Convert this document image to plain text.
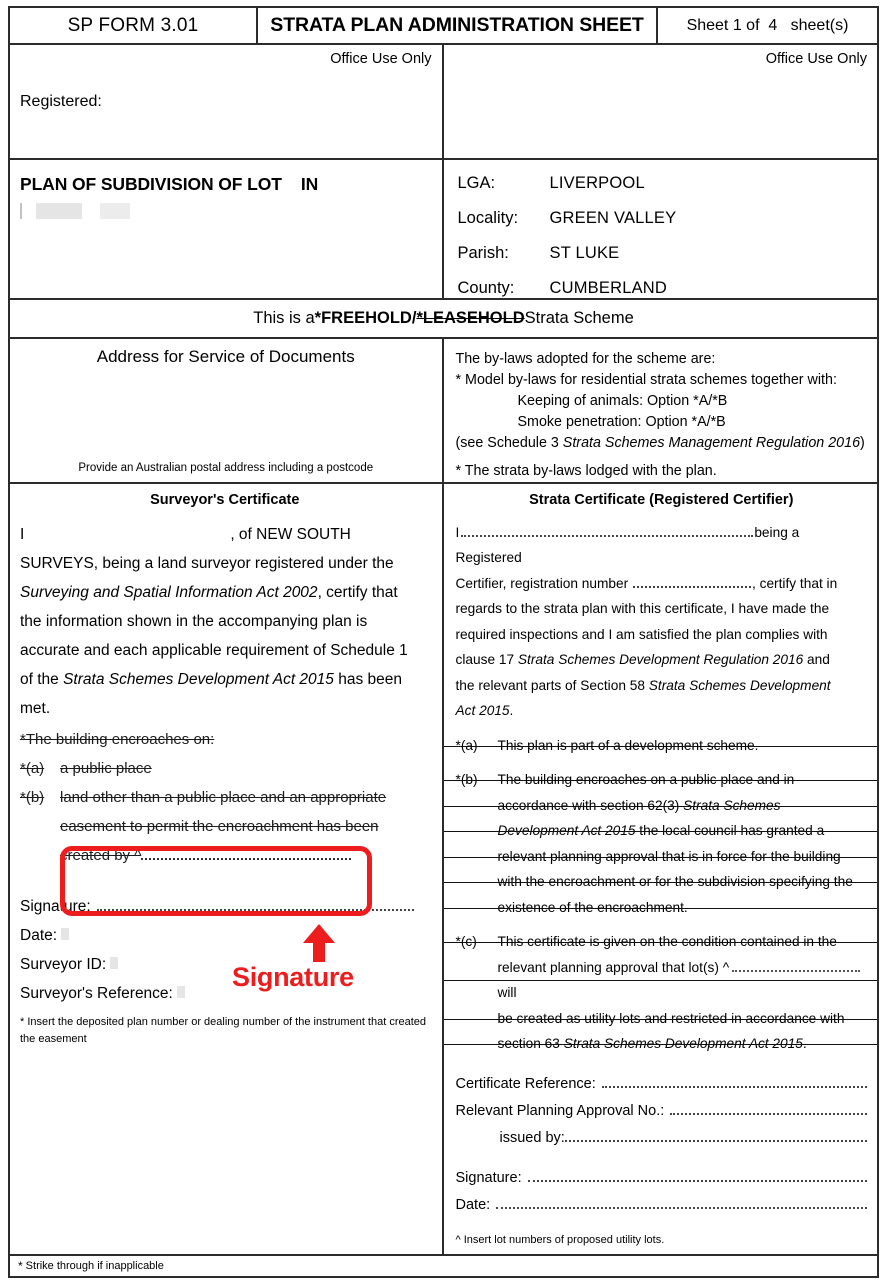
SP FORM 3.01	STRATA PLAN ADMINISTRATION SHEET	Sheet 1 of  4   sheet(s)
Office Use Only
Registered:
Office Use Only
PLAN OF SUBDIVISION OF LOT    IN	LGA:	LIVERPOOL
Locality:	GREEN VALLEY
Parish:	ST LUKE
County:	CUMBERLAND
This is a *FREEHOLD/ *LEASEHOLD Strata Scheme
Address for Service of Documents
Provide an Australian postal address including a postcode
The by-laws adopted for the scheme are:
* Model by-laws for residential strata schemes together with:
Keeping of animals: Option *A/*B
Smoke penetration: Option *A/*B
(see Schedule 3 Strata Schemes Management Regulation 2016)
* The strata by-laws lodged with the plan.
Surveyor's Certificate
I	, of NEW SOUTH
SURVEYS, being a land surveyor registered under the
Surveying and Spatial Information Act 2002, certify that
the information shown in the accompanying plan is
accurate and each applicable requirement of Schedule 1
of the Strata Schemes Development Act 2015 has been
met.
*The building encroaches on:
*(a)	a public place
*(b)	land other than a public place and an appropriate
easement to permit the encroachment has been
created by ^
Signature:
Date:
Surveyor ID:
Surveyor's Reference:
* Insert the deposited plan number or dealing number of the instrument that created the easement
Signature
Strata Certificate (Registered Certifier)
I	being a Registered
Certifier, registration number	, certify that in
regards to the strata plan with this certificate, I have made the
required inspections and I am satisfied the plan complies with
clause 17 Strata Schemes Development Regulation 2016 and
the relevant parts of Section 58 Strata Schemes Development
Act 2015.
*(a)	This plan is part of a development scheme.
*(b)	The building encroaches on a public place and in
accordance with section 62(3) Strata Schemes
Development Act 2015 the local council has granted a
relevant planning approval that is in force for the building
with the encroachment or for the subdivision specifying the
existence of the encroachment.
*(c)	This certificate is given on the condition contained in the
relevant planning approval that lot(s) ^will
be created as utility lots and restricted in accordance with
section 63 Strata Schemes Development Act 2015.
Certificate Reference:
Relevant Planning Approval No.:
issued by:
Signature:
Date:
^ Insert lot numbers of proposed utility lots.
* Strike through if inapplicable
